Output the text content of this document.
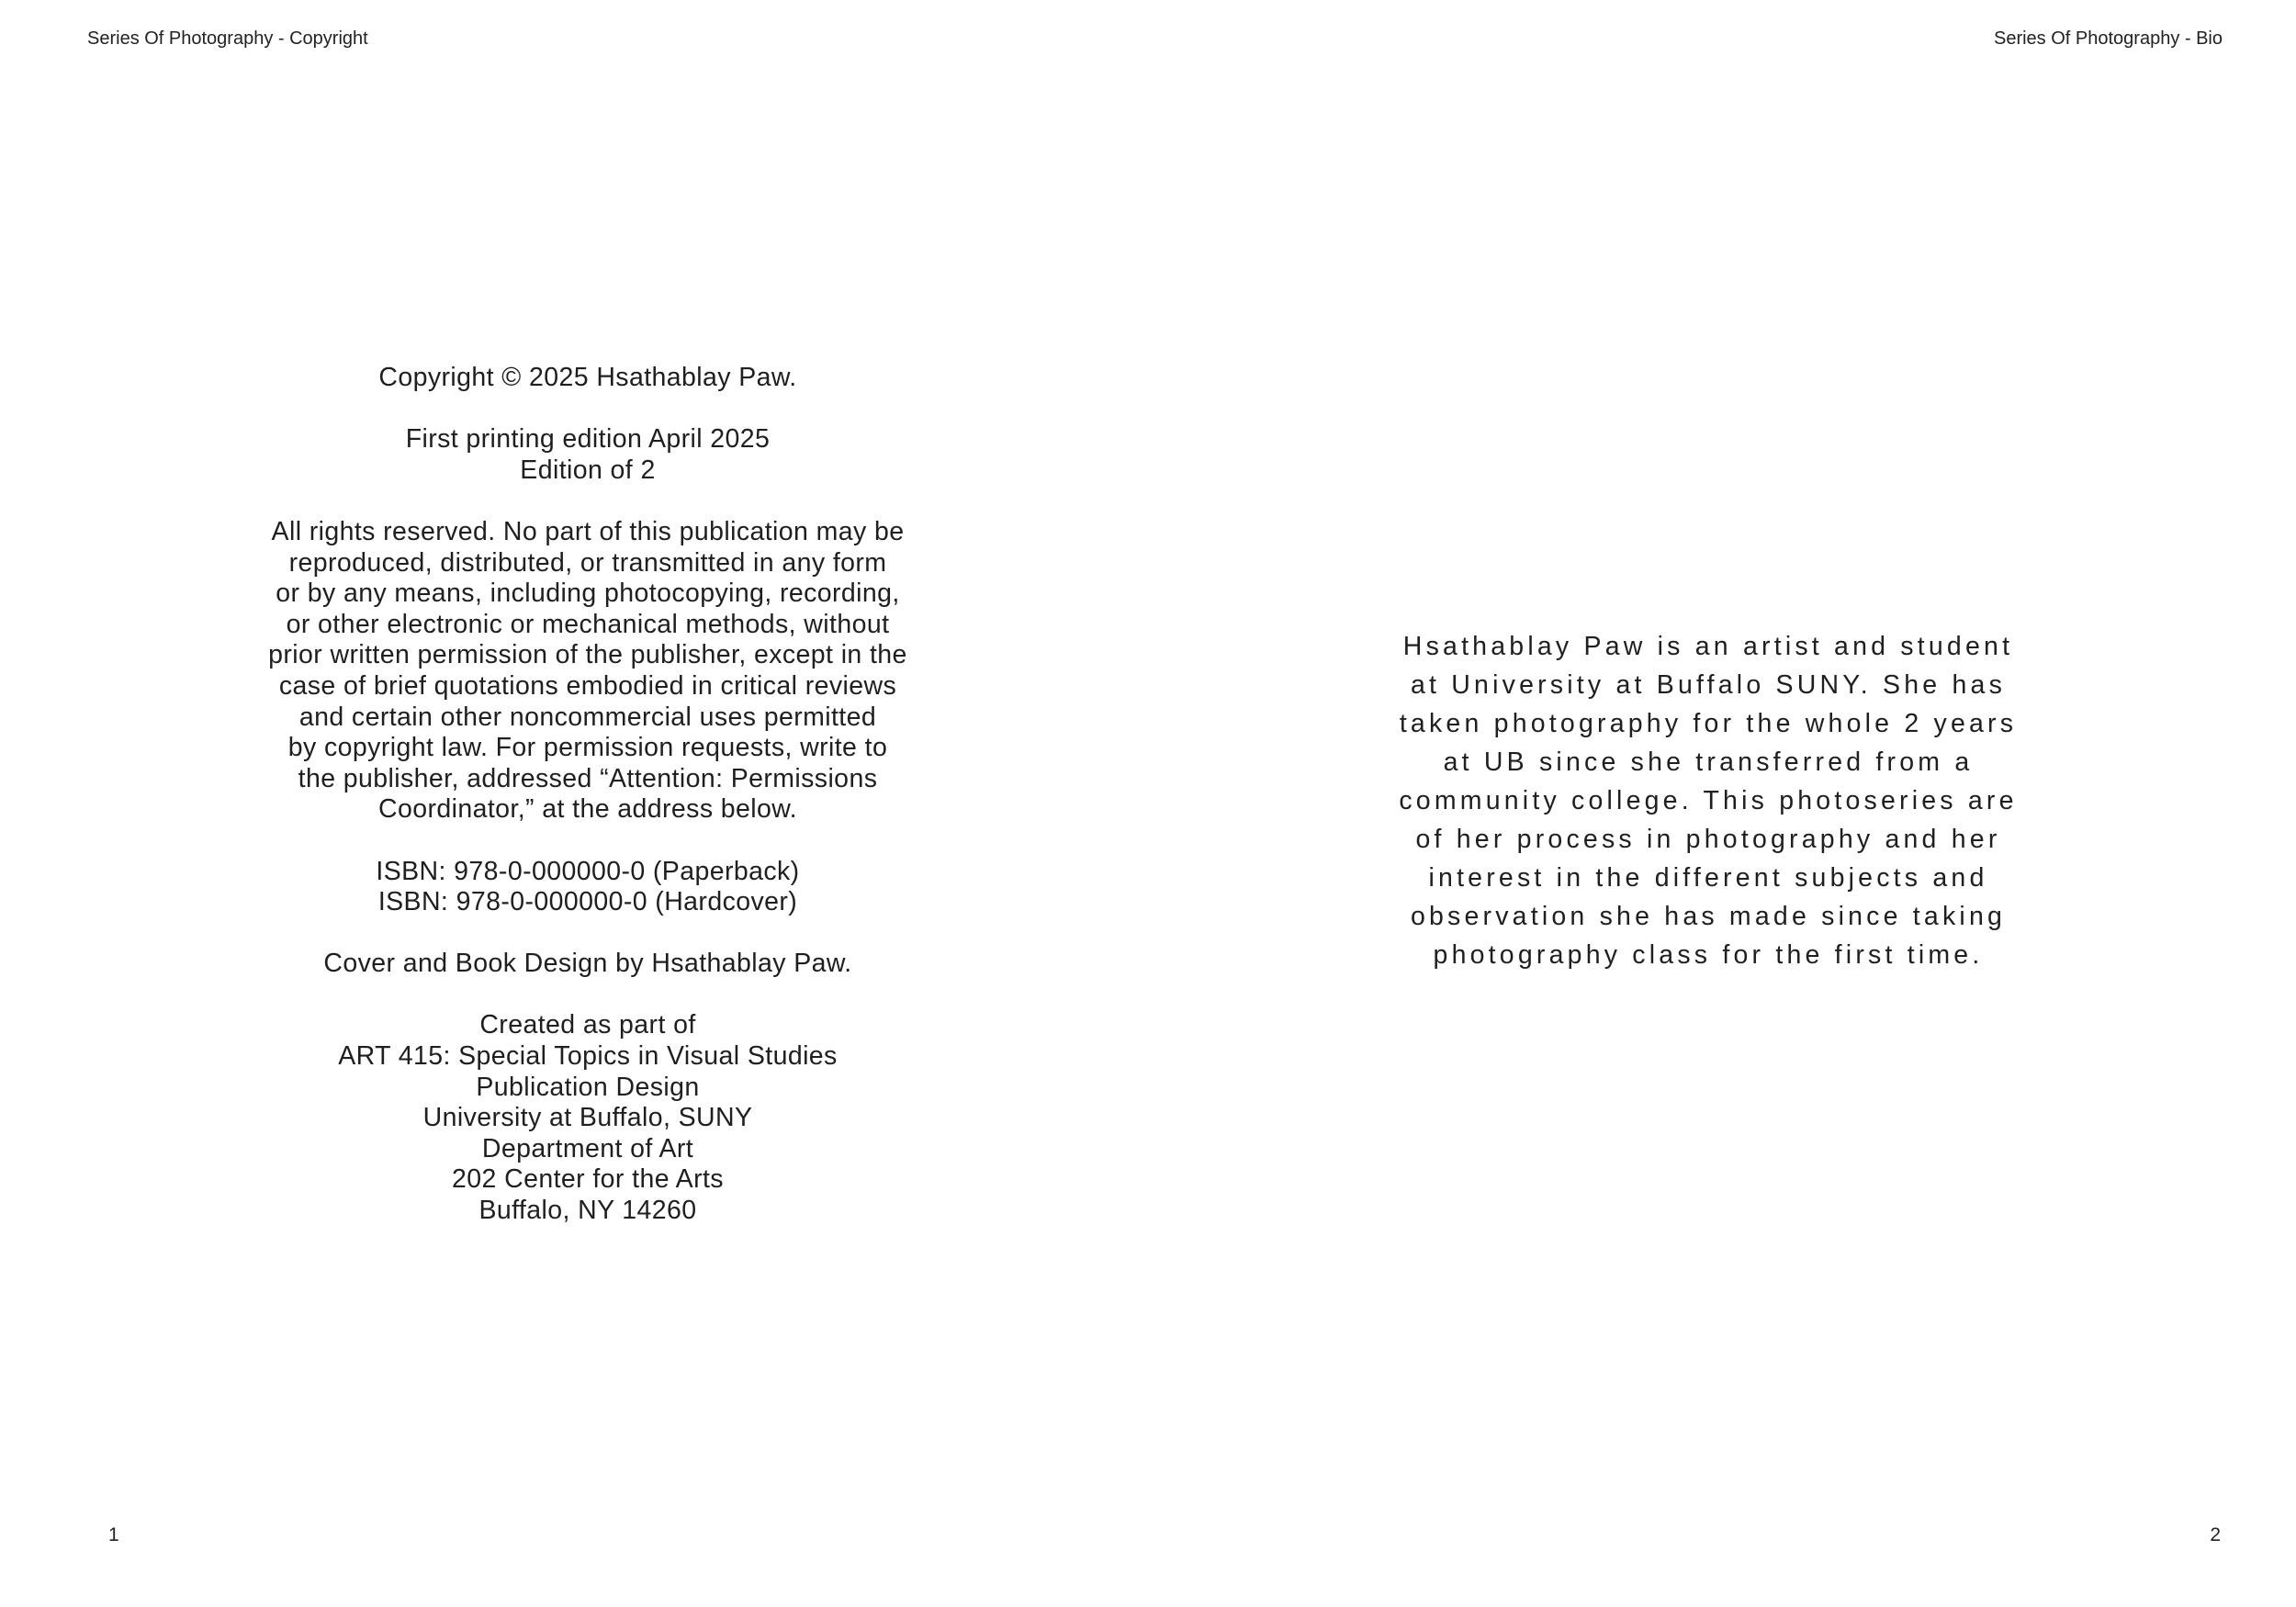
Series Of Photography - Copyright	Series Of Photography - Bio
Copyright © 2025 Hsathablay Paw.
First printing edition April 2025
Edition of 2
All rights reserved. No part of this publication may be
reproduced, distributed, or transmitted in any form
or by any means, including photocopying, recording,
or other electronic or mechanical methods, without
prior written permission of the publisher, except in the
case of brief quotations embodied in critical reviews
and certain other noncommercial uses permitted
by copyright law. For permission requests, write to
the publisher, addressed “Attention: Permissions
Coordinator,” at the address below.
ISBN: 978-0-000000-0 (Paperback)
ISBN: 978-0-000000-0 (Hardcover)
Cover and Book Design by Hsathablay Paw.
Created as part of
ART 415: Special Topics in Visual Studies
Publication Design
University at Buffalo, SUNY
Department of Art
202 Center for the Arts
Buffalo, NY 14260
Hsathablay Paw is an artist and student
at University at Buffalo SUNY. She has
taken photography for the whole 2 years
at UB since she transferred from a
community college. This photoseries are
of her process in photography and her
interest in the different subjects and
observation she has made since taking
photography class for the first time.
1	2
